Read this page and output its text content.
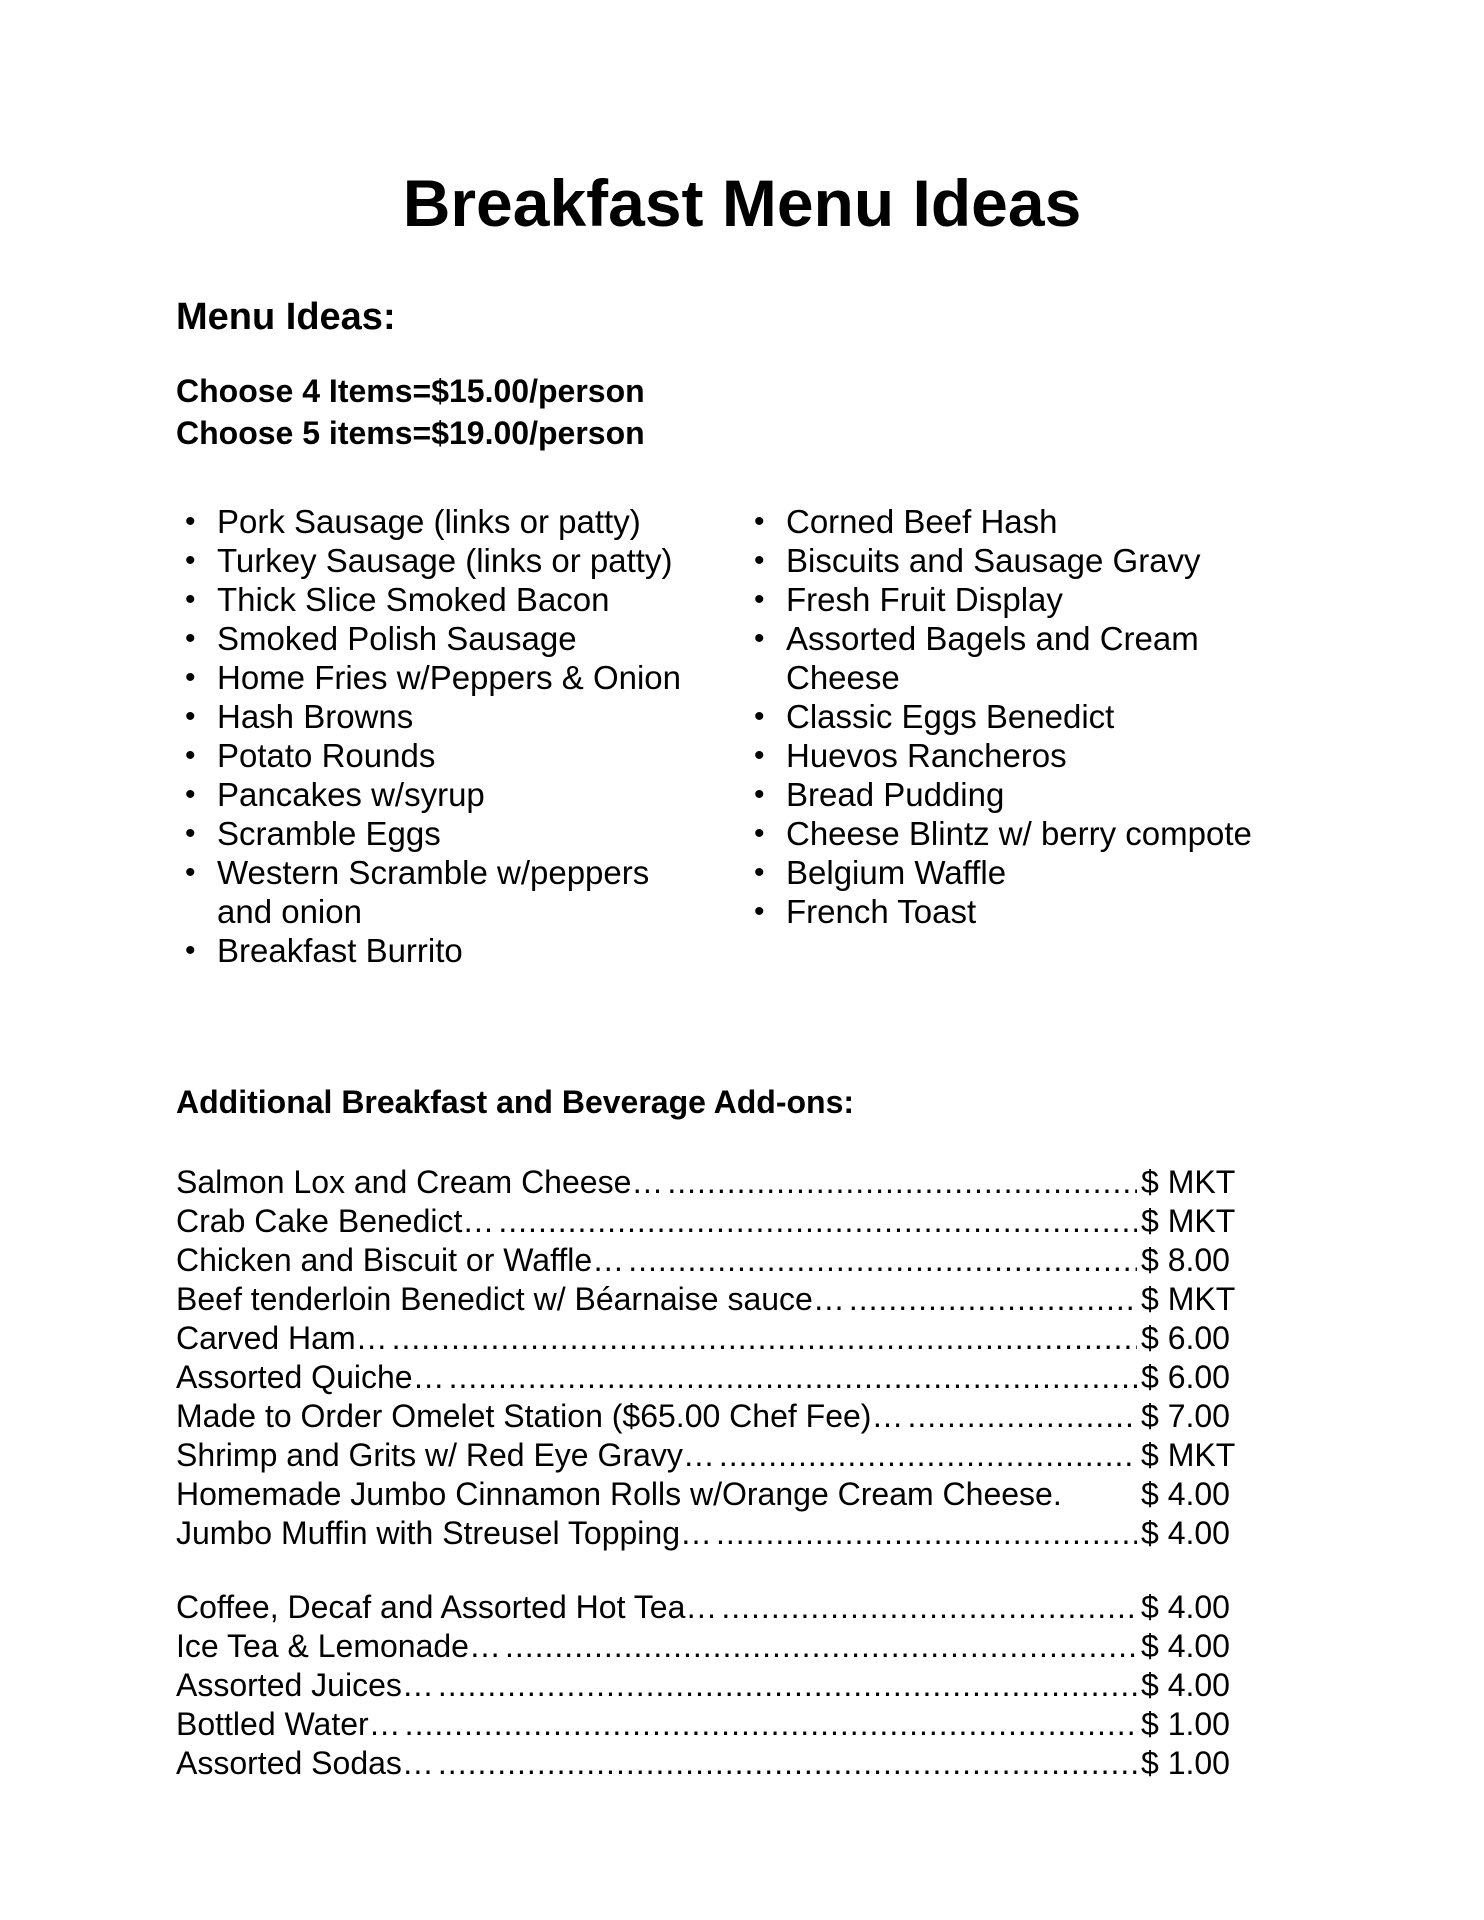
Breakfast Menu Ideas
Menu Ideas:
Choose 4 Items=$15.00/person
Choose 5 items=$19.00/person
• Pork Sausage (links or patty)
• Turkey Sausage (links or patty)
• Thick Slice Smoked Bacon
• Smoked Polish Sausage
• Home Fries w/Peppers & Onion
• Hash Browns
• Potato Rounds
• Pancakes w/syrup
• Scramble Eggs
• Western Scramble w/peppers and onion
• Breakfast Burrito
• Corned Beef Hash
• Biscuits and Sausage Gravy
• Fresh Fruit Display
• Assorted Bagels and Cream Cheese
• Classic Eggs Benedict
• Huevos Rancheros
• Bread Pudding
• Cheese Blintz w/ berry compote
• Belgium Waffle
• French Toast
Additional Breakfast and Beverage Add-ons:
Salmon Lox and Cream Cheese… .....	$ MKT
Crab Cake Benedict… .....	$ MKT
Chicken and Biscuit or Waffle… .....	$ 8.00
Beef tenderloin Benedict w/ Béarnaise sauce… .....	$ MKT
Carved Ham… .....	$ 6.00
Assorted Quiche… .....	$ 6.00
Made to Order Omelet Station ($65.00 Chef Fee)… .....	$ 7.00
Shrimp and Grits w/ Red Eye Gravy… .....	$ MKT
Homemade Jumbo Cinnamon Rolls w/Orange Cream Cheese. $ 4.00
Jumbo Muffin with Streusel Topping… .....	$ 4.00
Coffee, Decaf and Assorted Hot Tea… .....	$ 4.00
Ice Tea & Lemonade… .....	$ 4.00
Assorted Juices… .....	$ 4.00
Bottled Water… .....	$ 1.00
Assorted Sodas… .....	$ 1.00
